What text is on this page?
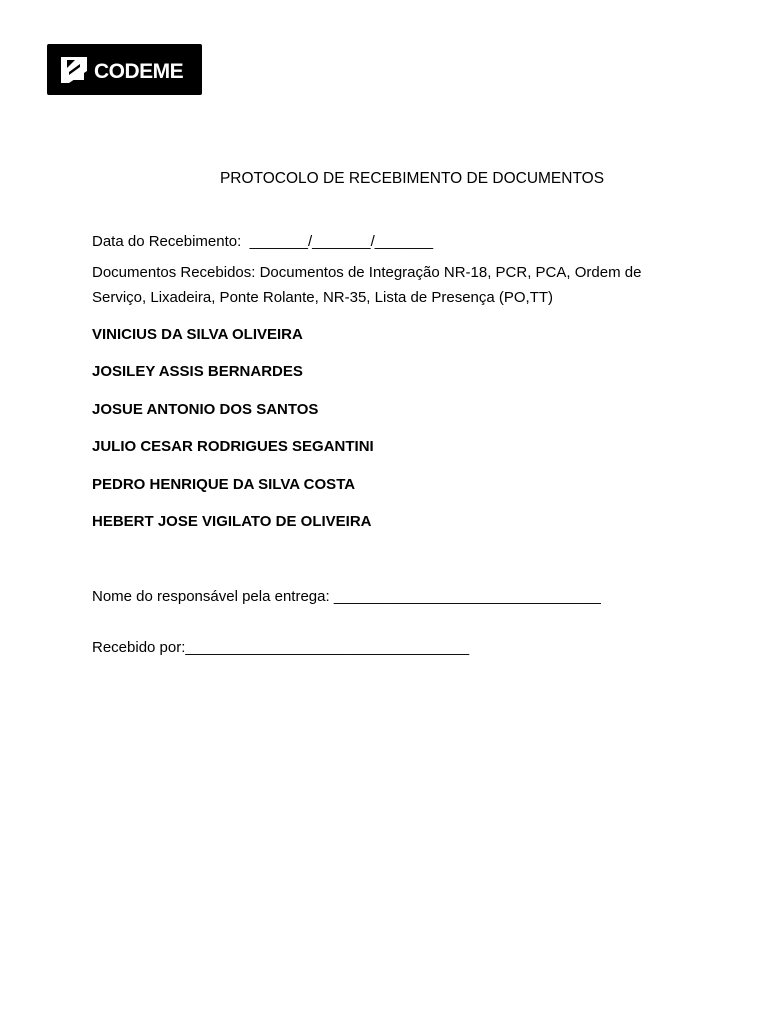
CODEME
PROTOCOLO DE RECEBIMENTO DE DOCUMENTOS
Data do Recebimento: _______/_______/_______
Documentos Recebidos: Documentos de Integração NR-18, PCR, PCA, Ordem de Serviço, Lixadeira, Ponte Rolante, NR-35, Lista de Presença (PO,TT)
VINICIUS DA SILVA OLIVEIRA
JOSILEY ASSIS BERNARDES
JOSUE ANTONIO DOS SANTOS
JULIO CESAR RODRIGUES SEGANTINI
PEDRO HENRIQUE DA SILVA COSTA
HEBERT JOSE VIGILATO DE OLIVEIRA
Nome do responsável pela entrega: ________________________________
Recebido por:__________________________________
